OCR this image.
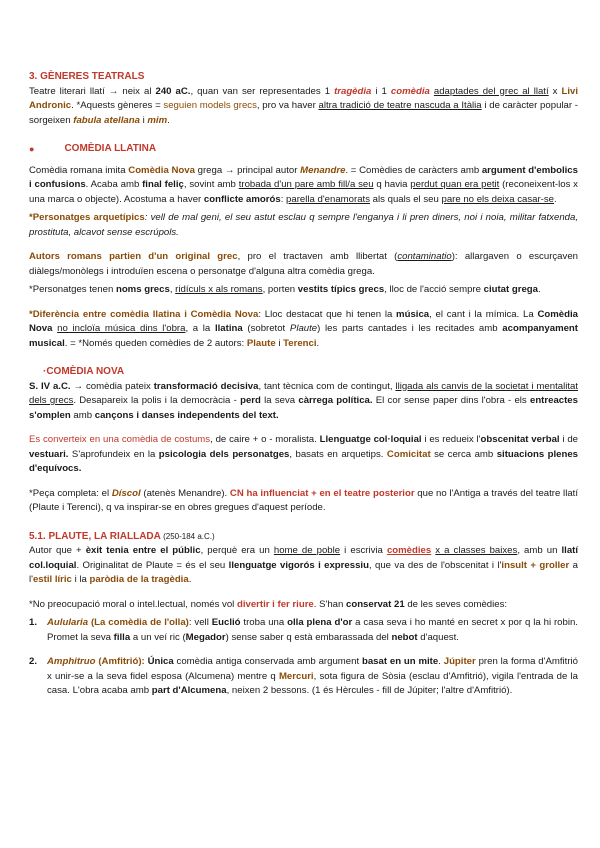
3. GÈNERES TEATRALS

Teatre literari llatí → neix al 240 aC., quan van ser representades 1 tragèdia i 1 comèdia adaptades del grec al llatí x Livi Andronic. *Aquests gèneres = seguien models grecs, pro va haver altra tradició de teatre nascuda a Itàlia i de caràcter popular - sorgeixen fabula atellana i mim.

●	COMÈDIA LLATINA

Comèdia romana imita Comèdia Nova grega → principal autor Menandre. = Comèdies de caràcters amb argument d'embolics i confusions. Acaba amb final feliç, sovint amb trobada d'un pare amb fill/a seu q havia perdut quan era petit (reconeixent-los x una marca o objecte). Acostuma a haver conflicte amorós: parella d'enamorats als quals el seu pare no els deixa casar-se.

*Personatges arquetípics: vell de mal geni, el seu astut esclau q sempre l'enganya i li pren diners, noi i noia, militar fatxenda, prostituta, alcavot sense escrúpols.

Autors romans partien d'un original grec, pro el tractaven amb llibertat (contaminatio): allargaven o escurçaven diàlegs/monòlegs i introduïen escena o personatge d'alguna altra comèdia grega.

*Personatges tenen noms grecs, ridículs x als romans, porten vestits típics grecs, lloc de l'acció sempre ciutat grega.

*Diferència entre comèdia llatina i Comèdia Nova: Lloc destacat que hi tenen la música, el cant i la mímica. La Comèdia Nova no incloïa música dins l'obra, a la llatina (sobretot Plaute) les parts cantades i les recitades amb acompanyament musical. = *Només queden comèdies de 2 autors: Plaute i Terenci.

·COMÈDIA NOVA

S. IV a.C. → comèdia pateix transformació decisiva, tant tècnica com de contingut, lligada als canvis de la societat i mentalitat dels grecs. Desapareix la polis i la democràcia - perd la seva càrrega política. El cor sense paper dins l'obra - els entreactes s'omplen amb cançons i danses independents del text.

Es converteix en una comèdia de costums, de caire + o - moralista. Llenguatge col·loquial i es redueix l'obscenitat verbal i de vestuari. S'aprofundeix en la psicologia dels personatges, basats en arquetips. Comicitat se cerca amb situacions plenes d'equívocs.

*Peça completa: el Díscol (atenès Menandre). CN ha influenciat + en el teatre posterior que no l'Antiga a través del teatre llatí (Plaute i Terenci), q va inspirar-se en obres gregues d'aquest període.

5.1. PLAUTE, LA RIALLADA (250-184 a.C.)

Autor que + èxit tenia entre el públic, perquè era un home de poble i escrivia comèdies x a classes baixes, amb un llatí col.loquial. Originalitat de Plaute = és el seu llenguatge vigorós i expressiu, que va des de l'obscenitat i l'insult + groller a l'estil líric i la paròdia de la tragèdia.

*No preocupació moral o intel.lectual, només vol divertir i fer riure. S'han conservat 21 de les seves comèdies:

1.	Aulularia (La comèdia de l'olla): vell Euclió troba una olla plena d'or a casa seva i ho manté en secret x por q la hi robin. Promet la seva filla a un veí ric (Megador) sense saber q està embarassada del nebot d'aquest.
2.	Amphitruo (Amfitrió): Única comèdia antiga conservada amb argument basat en un mite. Júpiter pren la forma d'Amfitrió x unir-se a la seva fidel esposa (Alcumena) mentre q Mercuri, sota figura de Sòsia (esclau d'Amfitrió), vigila l'entrada de la casa. L'obra acaba amb part d'Alcumena, neixen 2 bessons. (1 és Hèrcules - fill de Júpiter; l'altre d'Amfitrió).
